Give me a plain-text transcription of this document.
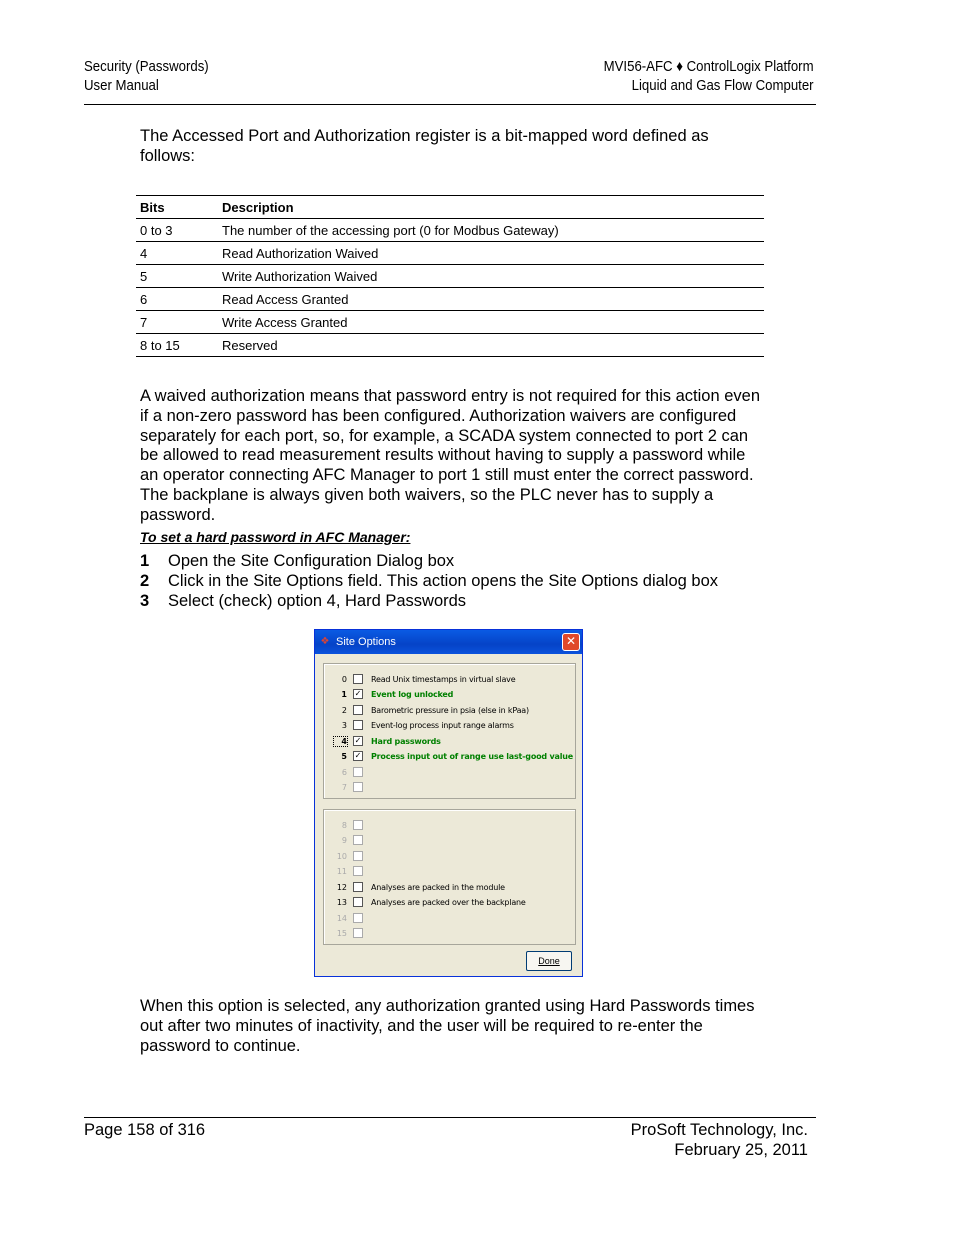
Security (Passwords)
User Manual
MVI56-AFC ♦ ControlLogix Platform
Liquid and Gas Flow Computer
The Accessed Port and Authorization register is a bit-mapped word defined as follows:
Bits	Description
0 to 3	The number of the accessing port (0 for Modbus Gateway)
4	Read Authorization Waived
5	Write Authorization Waived
6	Read Access Granted
7	Write Access Granted
8 to 15	Reserved
A waived authorization means that password entry is not required for this action even if a non-zero password has been configured. Authorization waivers are configured separately for each port, so, for example, a SCADA system connected to port 2 can be allowed to read measurement results without having to supply a password while an operator connecting AFC Manager to port 1 still must enter the correct password. The backplane is always given both waivers, so the PLC never has to supply a password.
To set a hard password in AFC Manager:
1	Open the Site Configuration Dialog box
2	Click in the Site Options field. This action opens the Site Options dialog box
3	Select (check) option 4, Hard Passwords
❖ Site Options	✕
0	Read Unix timestamps in virtual slave
1 ✓ Event log unlocked
2	Barometric pressure in psia (else in kPaa)
3	Event-log process input range alarms
4 ✓ Hard passwords
5 ✓ Process input out of range use last-good value
6
7
8
9
10
11
12	Analyses are packed in the module
13	Analyses are packed over the backplane
14
15
Done
When this option is selected, any authorization granted using Hard Passwords times out after two minutes of inactivity, and the user will be required to re-enter the password to continue.
Page 158 of 316	ProSoft Technology, Inc.
February 25, 2011
